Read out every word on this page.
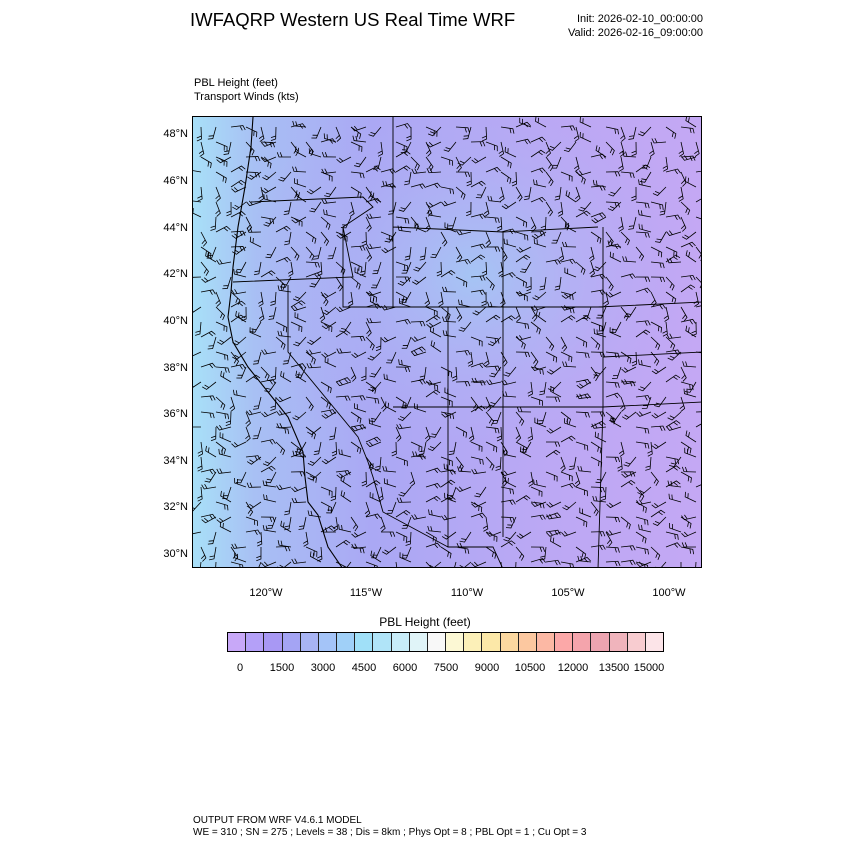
IWFAQRP Western US Real Time WRF	Init: 2026-02-10_00:00:00
Valid: 2026-02-16_09:00:00
PBL Height (feet)
Transport Winds (kts)
48°N
46°N
44°N
42°N
40°N
38°N
36°N
34°N
32°N
30°N
120°W	115°W	110°W	105°W	100°W
PBL Height (feet)
0 1500 3000 4500 6000 7500 9000 10500 12000 13500 15000
OUTPUT FROM WRF V4.6.1 MODEL
WE = 310 ; SN = 275 ; Levels = 38 ; Dis = 8km ; Phys Opt = 8 ; PBL Opt = 1 ; Cu Opt = 3
